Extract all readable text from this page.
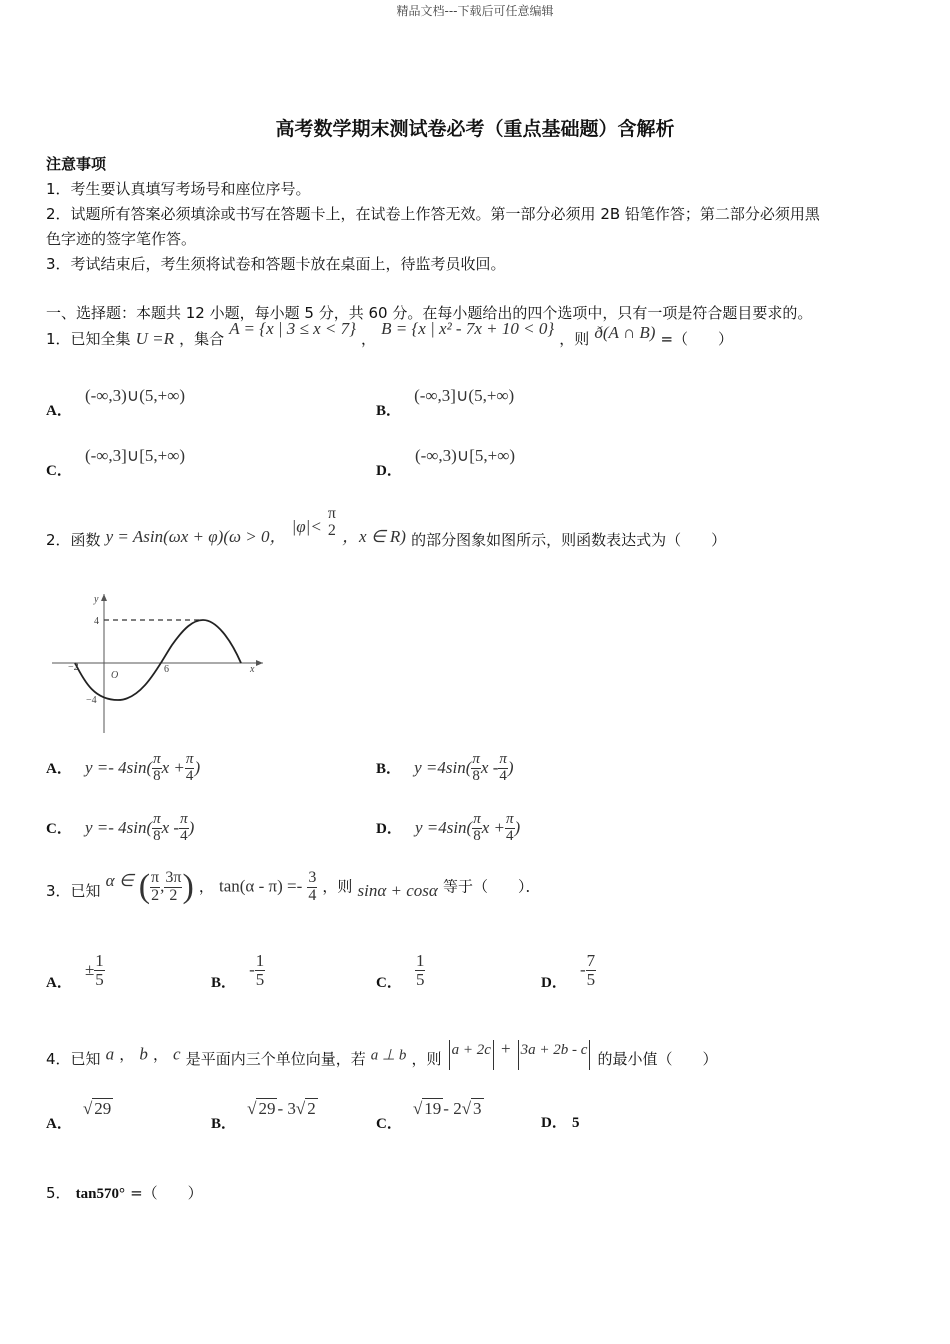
精品文档---下载后可任意编辑
高考数学期末测试卷必考（重点基础题）含解析
注意事项
1．考生要认真填写考场号和座位序号。
2．试题所有答案必须填涂或书写在答题卡上，在试卷上作答无效。第一部分必须用 2B 铅笔作答；第二部分必须用黑
色字迹的签字笔作答。
3．考试结束后，考生须将试卷和答题卡放在桌面上，待监考员收回。
一、选择题：本题共 12 小题，每小题 5 分，共 60 分。在每小题给出的四个选项中，只有一项是符合题目要求的。
1．已知全集 U =R ，集合 A = {x | 3 ≤ x < 7} ， B = {x | x² - 7x + 10 < 0} ，则 ð(A ∩ B) =（　　）
A． (-∞,3)∪(5,+∞)
B． (-∞,3]∪(5,+∞)
C． (-∞,3]∪[5,+∞)
D． (-∞,3)∪[5,+∞)
2．函数 y = Asin(ωx + φ)(ω > 0， |φ|<
π
2 ，x ∈ R) 的部分图象如图所示，则函数表达式为（　　）
y
x
O
4
−4
−2	6
A． $y =- 4\sin( \frac{\pi}{8}$ $x + \frac{\pi}{4}$ )	B． $y =4\sin( \frac{\pi}{8}$ x - $\frac{\pi}{4}$ )
C． $y =- 4\sin( \frac{\pi}{8}$ x - $\frac{\pi}{4}$ )	D． $y =4\sin( \frac{\pi}{8}$ $x + \frac{\pi}{4}$ )
3．已知 α ∈ ( $\frac{\pi}{2}$ , $\frac{3\pi}{2}$ ) ， $\tan(\alpha - \pi) =- \frac{3}{4}$ ，则 sinα + cosα 等于（　　）．
A． ± $\frac{1}{5}$	B． - $\frac{1}{5}$	C． $\frac{1}{5}$	D． - $\frac{7}{5}$
4．已知 a ， b ， c 是平面内三个单位向量，若 a ⊥ b ，则 a + 2c + 3a + 2b - c 的最小值（　　）
A． √ 29
B． √ 29 - 3√ 2
C． √ 19 - 2√ 3
D． 5
5． tan570° =（　　）
